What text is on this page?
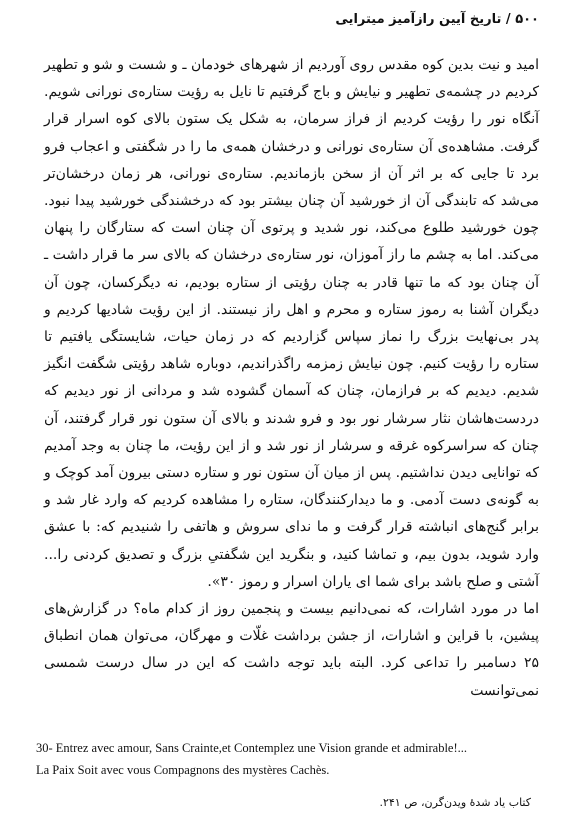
۵۰۰ / تاریخ آیین رازآمیز میترایی

امید و نیت بدین کوه مقدس روی آوردیم از شهرهای خودمان ـ و شست و شو و تطهیر کردیم در چشمه‌ی تطهیر و نیایش و باج گرفتیم تا نایل به رؤیت ستاره‌ی نورانی شویم. آنگاه نور را رؤیت کردیم از فراز سرمان، به شکل یک ستون بالای کوه اسرار قرار گرفت. مشاهده‌ی آن ستاره‌ی نورانی و درخشان همه‌ی ما را در شگفتی و اعجاب فرو برد تا جایی که بر اثر آن از سخن بازماندیم. ستاره‌ی نورانی، هر زمان درخشان‌تر می‌شد که تابندگی آن از خورشید آن چنان بیشتر بود که درخشندگی خورشید پیدا نبود. چون خورشید طلوع می‌کند، نور شدید و پرتوی آن چنان است که ستارگان را پنهان می‌کند. اما به چشم ما راز آموزان، نور ستاره‌ی درخشان که بالای سر ما قرار داشت ـ آن چنان بود که ما تنها قادر به چنان رؤیتی از ستاره بودیم، نه دیگرکسان، چون آن دیگران آشنا به رموز ستاره و محرم و اهل راز نیستند. از این رؤیت شادیها کردیم و پدر بی‌نهایت بزرگ را نماز سپاس گزاردیم که در زمان حیات، شایستگی یافتیم تا ستاره را رؤیت کنیم. چون نیایش زمزمه راگذراندیم، دوباره شاهد رؤیتی شگفت انگیز شدیم. دیدیم که بر فرازمان، چنان که آسمان گشوده شد و مردانی از نور دیدیم که دردست‌هاشان نثار سرشار نور بود و فرو شدند و بالای آن ستون نور قرار گرفتند، آن چنان که سراسرکوه غرقه و سرشار از نور شد و از این رؤیت، ما چنان به وجد آمدیم که توانایی دیدن نداشتیم. پس از میان آن ستون نور و ستاره دستی بیرون آمد کوچک و به گونه‌ی دست آدمی. و ما دیدارکنندگان، ستاره را مشاهده کردیم که وارد غار شد و برابر گنج‌های انباشته قرار گرفت و ما ندای سروش و هاتفی را شنیدیم که: با عشق وارد شوید، بدون بیم، و تماشا کنید، و بنگرید این شگفتیِ بزرگ و تصدیق کردنی را... آشتی و صلح باشد برای شما ای یاران اسرار و رموز ۳۰».

اما در مورد اشارات، که نمی‌دانیم بیست و پنجمین روز از کدام ماه؟ در گزارش‌های پیشین، با قراین و اشارات، از جشن برداشت غلّات و مهرگان، می‌توان همان انطباق ۲۵ دسامبر را تداعی کرد. البته باید توجه داشت که این در سال درست شمسی نمی‌توانست

30- Entrez avec amour, Sans Crainte,et Contemplez une Vision grande et admirable!...
La Paix Soit avec vous Compagnons des mystères Cachès.
کتاب یاد شدهٔ ویدن‌گرن، ص ۲۴۱.
